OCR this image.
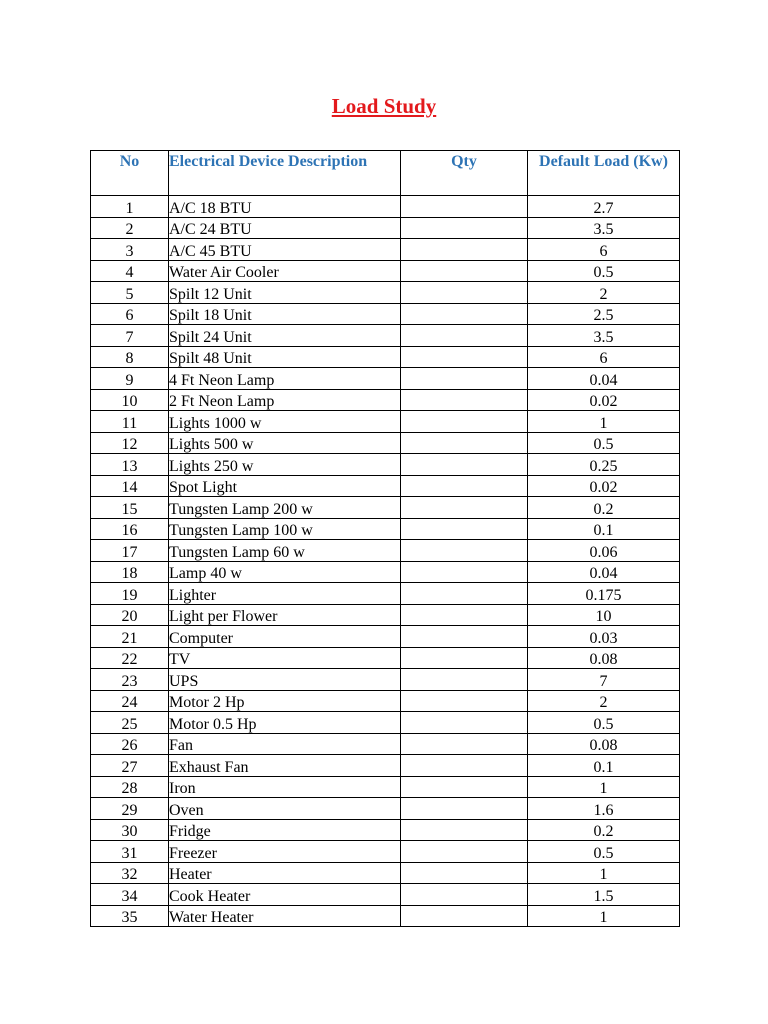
Load Study
No	Electrical Device Description	Qty	Default Load (Kw)
1	A/C 18 BTU		2.7
2	A/C 24 BTU		3.5
3	A/C 45 BTU		6
4	Water Air Cooler		0.5
5	Spilt 12 Unit		2
6	Spilt 18 Unit		2.5
7	Spilt 24 Unit		3.5
8	Spilt 48 Unit		6
9	4 Ft Neon Lamp		0.04
10	2 Ft Neon Lamp		0.02
11	Lights 1000 w		1
12	Lights 500 w		0.5
13	Lights 250 w		0.25
14	Spot Light		0.02
15	Tungsten Lamp 200 w		0.2
16	Tungsten Lamp 100 w		0.1
17	Tungsten Lamp 60 w		0.06
18	Lamp 40 w		0.04
19	Lighter		0.175
20	Light per Flower		10
21	Computer		0.03
22	TV		0.08
23	UPS		7
24	Motor 2 Hp		2
25	Motor 0.5 Hp		0.5
26	Fan		0.08
27	Exhaust Fan		0.1
28	Iron		1
29	Oven		1.6
30	Fridge		0.2
31	Freezer		0.5
32	Heater		1
34	Cook Heater		1.5
35	Water Heater		1
